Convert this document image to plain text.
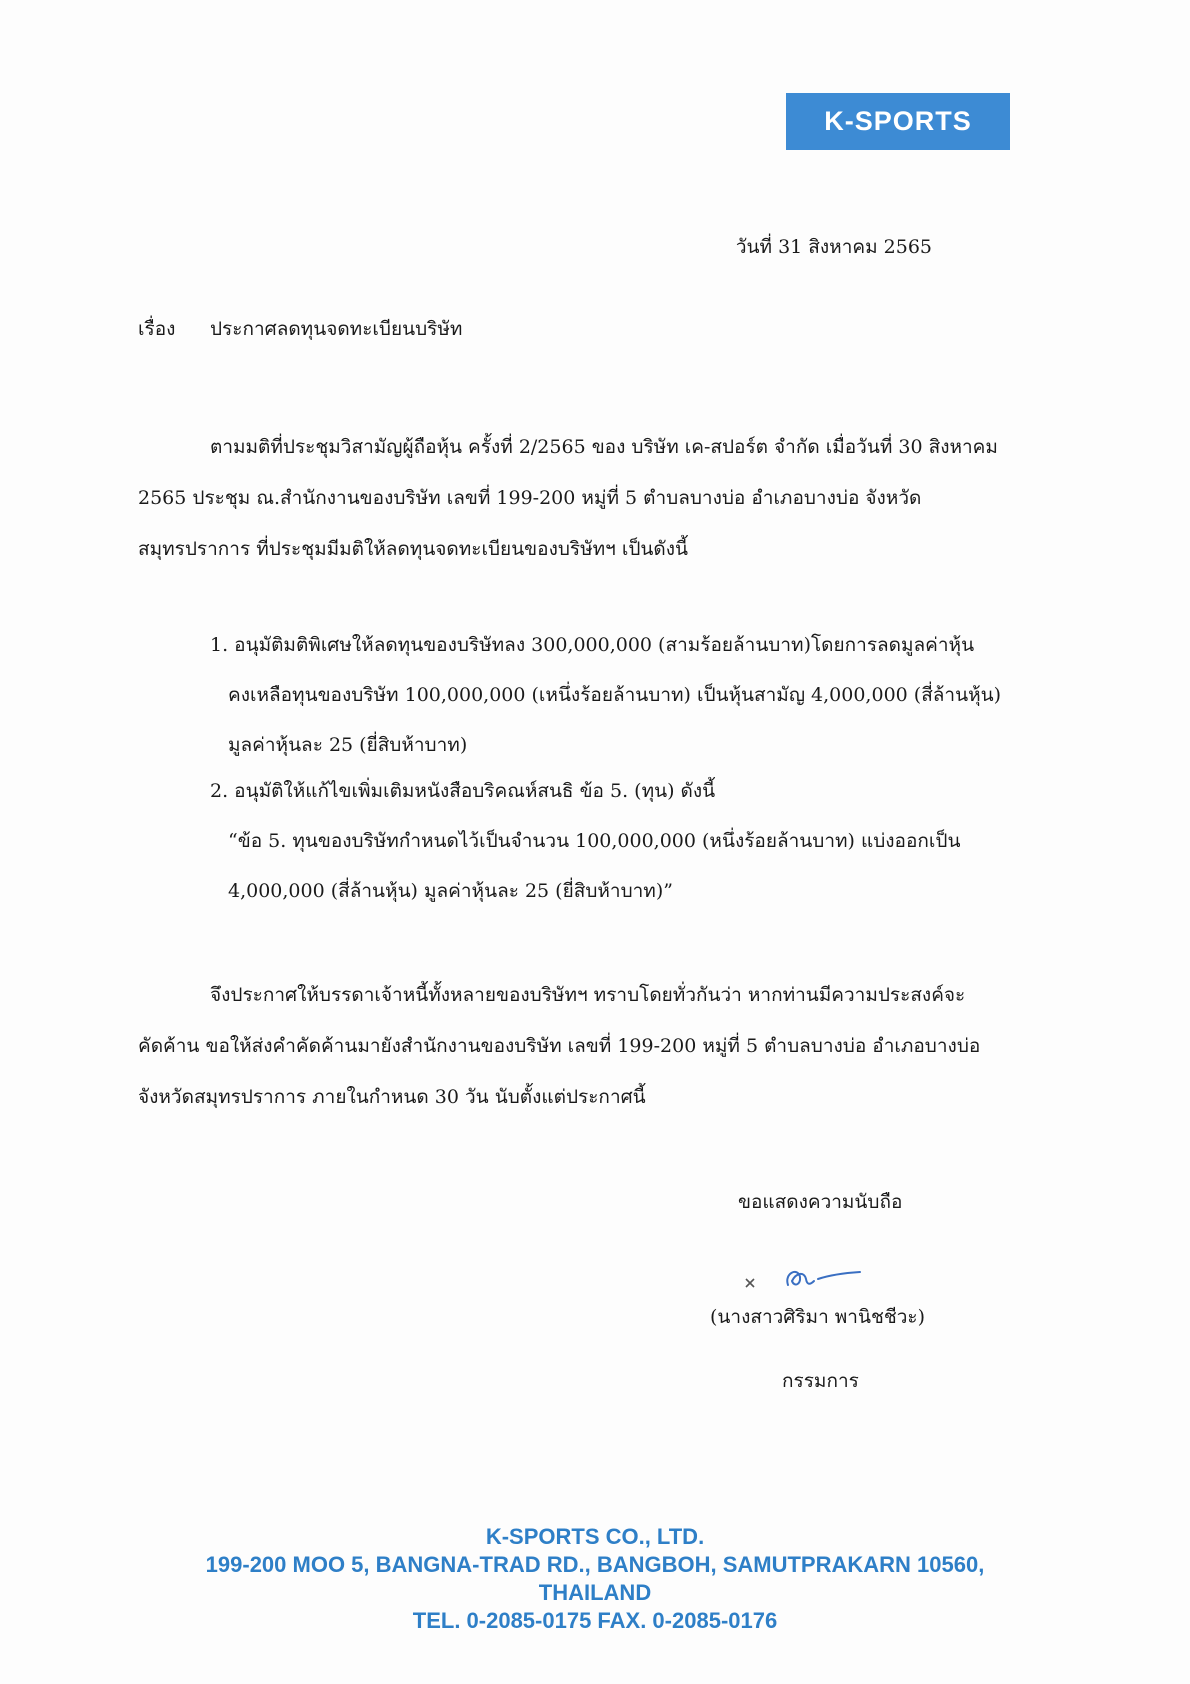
K-SPORTS
วันที่ 31 สิงหาคม 2565
เรื่อง ประกาศลดทุนจดทะเบียนบริษัท
ตามมติที่ประชุมวิสามัญผู้ถือหุ้น ครั้งที่ 2/2565 ของ บริษัท เค-สปอร์ต จำกัด เมื่อวันที่ 30 สิงหาคม
2565 ประชุม ณ.สำนักงานของบริษัท เลขที่ 199-200 หมู่ที่ 5 ตำบลบางบ่อ อำเภอบางบ่อ จังหวัด
สมุทรปราการ ที่ประชุมมีมติให้ลดทุนจดทะเบียนของบริษัทฯ เป็นดังนี้
1. อนุมัติมติพิเศษให้ลดทุนของบริษัทลง 300,000,000 (สามร้อยล้านบาท)โดยการลดมูลค่าหุ้น
คงเหลือทุนของบริษัท 100,000,000 (เหนึ่งร้อยล้านบาท) เป็นหุ้นสามัญ 4,000,000 (สี่ล้านหุ้น)
มูลค่าหุ้นละ 25 (ยี่สิบห้าบาท)
2. อนุมัติให้แก้ไขเพิ่มเติมหนังสือบริคณห์สนธิ ข้อ 5. (ทุน) ดังนี้
“ข้อ 5. ทุนของบริษัทกำหนดไว้เป็นจำนวน 100,000,000 (หนึ่งร้อยล้านบาท) แบ่งออกเป็น
4,000,000 (สี่ล้านหุ้น) มูลค่าหุ้นละ 25 (ยี่สิบห้าบาท)”
จึงประกาศให้บรรดาเจ้าหนี้ทั้งหลายของบริษัทฯ ทราบโดยทั่วกันว่า หากท่านมีความประสงค์จะ
คัดค้าน ขอให้ส่งคำคัดค้านมายังสำนักงานของบริษัท เลขที่ 199-200 หมู่ที่ 5 ตำบลบางบ่อ อำเภอบางบ่อ
จังหวัดสมุทรปราการ ภายในกำหนด 30 วัน นับตั้งแต่ประกาศนี้
ขอแสดงความนับถือ
(นางสาวศิริมา พานิชชีวะ)
กรรมการ
K-SPORTS CO., LTD.
199-200 MOO 5, BANGNA-TRAD RD., BANGBOH, SAMUTPRAKARN 10560,
THAILAND
TEL. 0-2085-0175 FAX. 0-2085-0176
